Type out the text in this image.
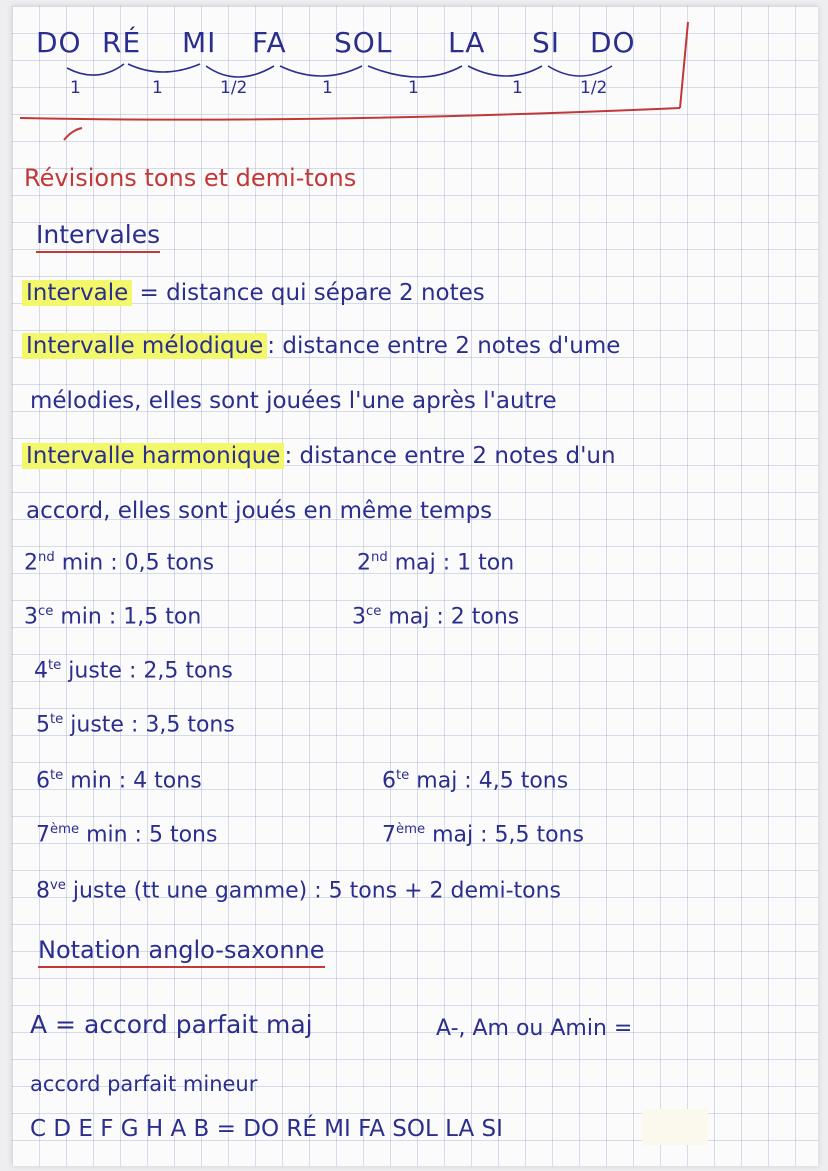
DO RÉ MI FA SOL LA SI DO
1	1	1/2	1	1	1	1/2
Révisions tons et demi-tons
Intervales
Intervale = distance qui sépare 2 notes
Intervalle mélodique : distance entre 2 notes d'ume
mélodies, elles sont jouées l'une après l'autre
Intervalle harmonique : distance entre 2 notes d'un
accord, elles sont joués en même temps
2nd min : 0,5 tons	2nd maj : 1 ton
$3^{ce}$ min : 1,5 ton	$3^{ce}$ maj : 2 tons
$4^{te}$ juste : 2,5 tons
$5^{te}$ juste : 3,5 tons
$6^{te}$ min : 4 tons	$6^{te}$ maj : 4,5 tons
7ème min : 5 tons	7ème maj : 5,5 tons
$8^{ve}$ juste (tt une gamme) : 5 tons + 2 demi-tons
Notation anglo-saxonne
A = accord parfait maj	A-, Am ou Amin =
accord parfait mineur
C D E F G H A B = DO RÉ MI FA SOL LA SI
